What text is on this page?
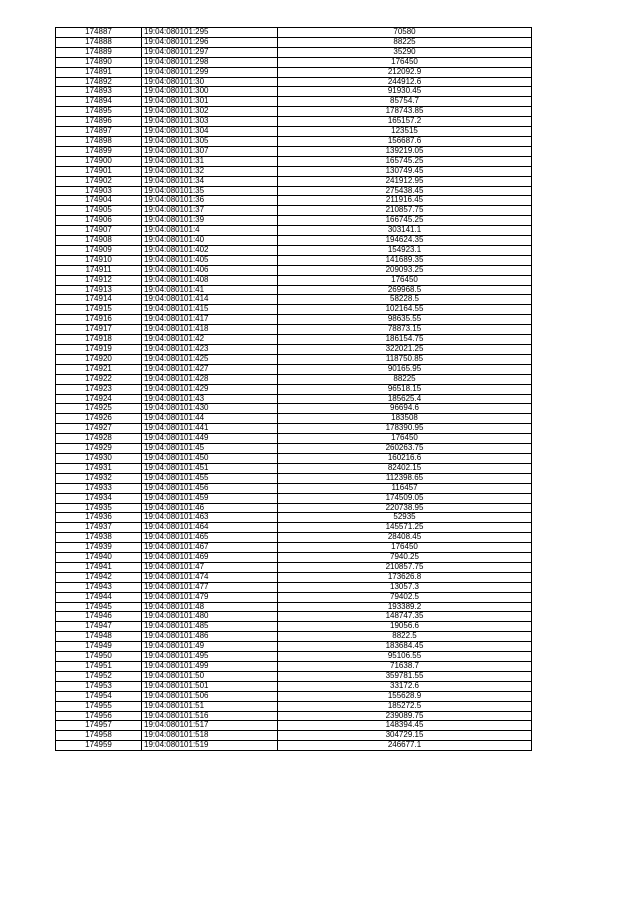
174887	19:04:080101:295	70580
174888	19:04:080101:296	88225
174889	19:04:080101:297	35290
174890	19:04:080101:298	176450
174891	19:04:080101:299	212092.9
174892	19:04:080101:30	244912.6
174893	19:04:080101:300	91930.45
174894	19:04:080101:301	85754.7
174895	19:04:080101:302	178743.85
174896	19:04:080101:303	165157.2
174897	19:04:080101:304	123515
174898	19:04:080101:305	156687.6
174899	19:04:080101:307	139219.05
174900	19:04:080101:31	165745.25
174901	19:04:080101:32	130749.45
174902	19:04:080101:34	241912.95
174903	19:04:080101:35	275438.45
174904	19:04:080101:36	211916.45
174905	19:04:080101:37	210857.75
174906	19:04:080101:39	166745.25
174907	19:04:080101:4	303141.1
174908	19:04:080101:40	194624.35
174909	19:04:080101:402	154923.1
174910	19:04:080101:405	141689.35
174911	19:04:080101:406	209093.25
174912	19:04:080101:408	176450
174913	19:04:080101:41	269968.5
174914	19:04:080101:414	58228.5
174915	19:04:080101:415	102164.55
174916	19:04:080101:417	98635.55
174917	19:04:080101:418	78873.15
174918	19:04:080101:42	186154.75
174919	19:04:080101:423	322021.25
174920	19:04:080101:425	118750.85
174921	19:04:080101:427	90165.95
174922	19:04:080101:428	88225
174923	19:04:080101:429	96518.15
174924	19:04:080101:43	185625.4
174925	19:04:080101:430	96694.6
174926	19:04:080101:44	183508
174927	19:04:080101:441	178390.95
174928	19:04:080101:449	176450
174929	19:04:080101:45	260263.75
174930	19:04:080101:450	160216.6
174931	19:04:080101:451	82402.15
174932	19:04:080101:455	112398.65
174933	19:04:080101:456	116457
174934	19:04:080101:459	174509.05
174935	19:04:080101:46	220738.95
174936	19:04:080101:463	52935
174937	19:04:080101:464	145571.25
174938	19:04:080101:465	28408.45
174939	19:04:080101:467	176450
174940	19:04:080101:469	7940.25
174941	19:04:080101:47	210857.75
174942	19:04:080101:474	173626.8
174943	19:04:080101:477	13057.3
174944	19:04:080101:479	79402.5
174945	19:04:080101:48	193389.2
174946	19:04:080101:480	148747.35
174947	19:04:080101:485	19056.6
174948	19:04:080101:486	8822.5
174949	19:04:080101:49	183684.45
174950	19:04:080101:495	95106.55
174951	19:04:080101:499	71638.7
174952	19:04:080101:50	359781.55
174953	19:04:080101:501	33172.6
174954	19:04:080101:506	155628.9
174955	19:04:080101:51	185272.5
174956	19:04:080101:516	239089.75
174957	19:04:080101:517	148394.45
174958	19:04:080101:518	304729.15
174959	19:04:080101:519	246677.1
